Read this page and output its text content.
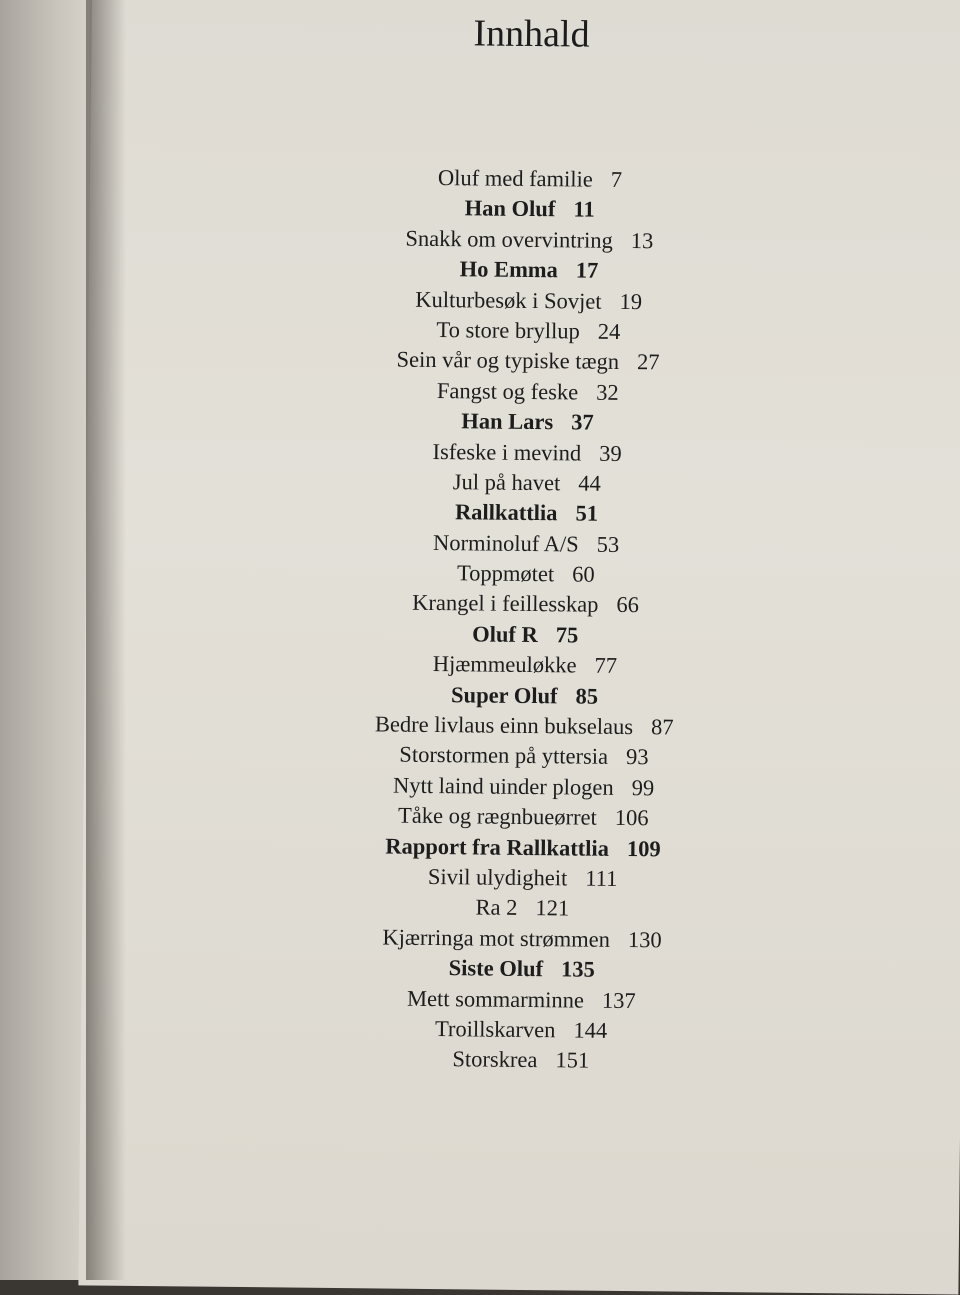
Innhald
Oluf med familie 7
Han Oluf 11
Snakk om overvintring 13
Ho Emma 17
Kulturbesøk i Sovjet 19
To store bryllup 24
Sein vår og typiske tægn 27
Fangst og feske 32
Han Lars 37
Isfeske i mevind 39
Jul på havet 44
Rallkattlia 51
Norminoluf A/S 53
Toppmøtet 60
Krangel i feillesskap 66
Oluf R 75
Hjæmmeuløkke 77
Super Oluf 85
Bedre livlaus einn bukselaus 87
Storstormen på yttersia 93
Nytt laind uinder plogen 99
Tåke og rægnbueørret 106
Rapport fra Rallkattlia 109
Sivil ulydigheit 111
Ra 2 121
Kjærringa mot strømmen 130
Siste Oluf 135
Mett sommarminne 137
Troillskarven 144
Storskrea 151
